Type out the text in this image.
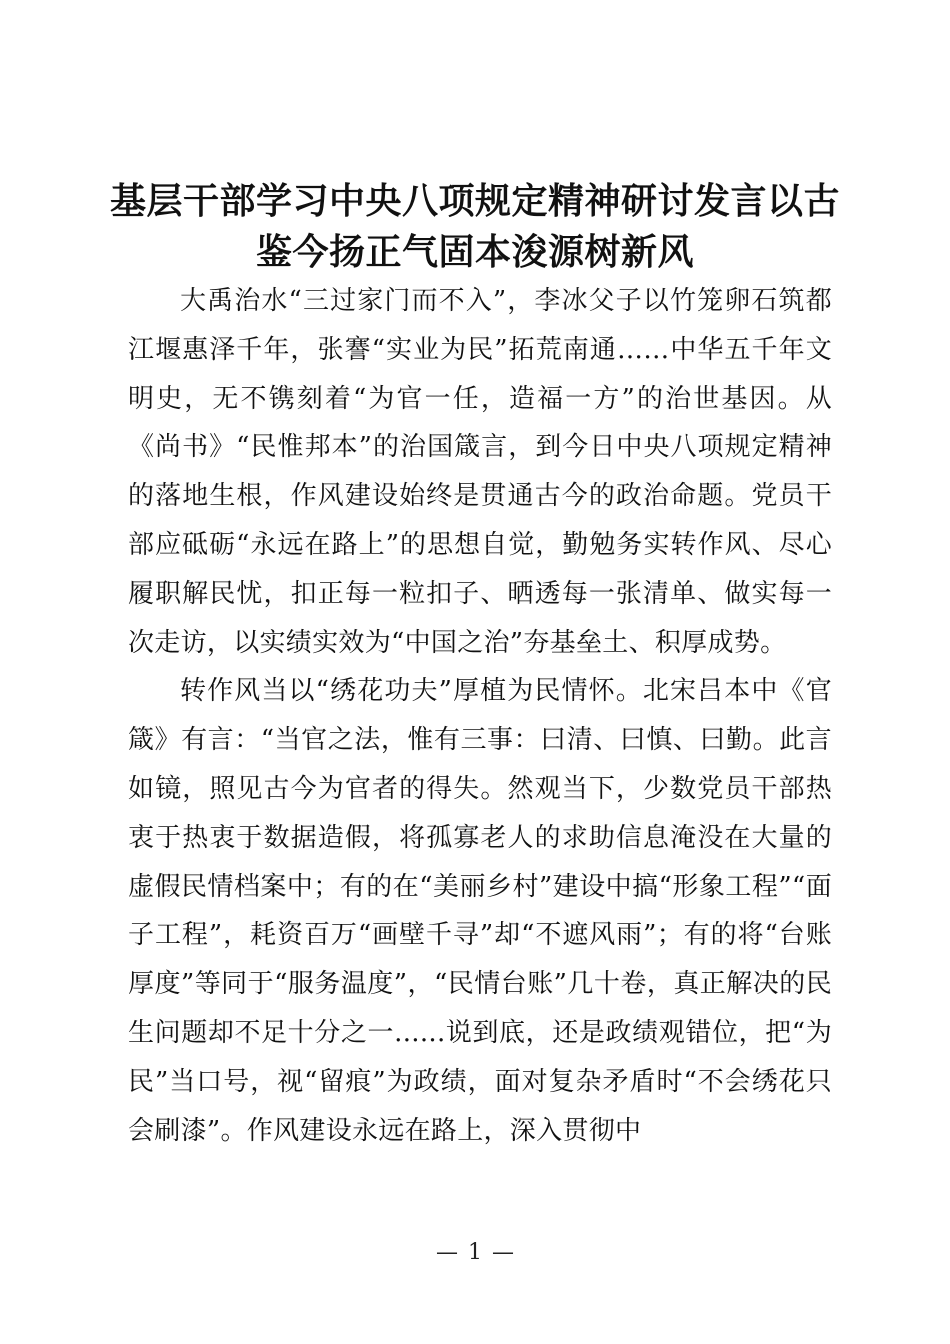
基层干部学习中央八项规定精神研讨发言以古
鉴今扬正气固本浚源树新风

大禹治水“三过家门而不入”，李冰父子以竹笼卵石筑都江堰惠泽千年，张謇“实业为民”拓荒南通……中华五千年文明史，无不镌刻着“为官一任，造福一方”的治世基因。从《尚书》“民惟邦本”的治国箴言，到今日中央八项规定精神的落地生根，作风建设始终是贯通古今的政治命题。党员干部应砥砺“永远在路上”的思想自觉，勤勉务实转作风、尽心履职解民忧，扣正每一粒扣子、晒透每一张清单、做实每一次走访，以实绩实效为“中国之治”夯基垒土、积厚成势。

转作风当以“绣花功夫”厚植为民情怀。北宋吕本中《官箴》有言：“当官之法，惟有三事：曰清、曰慎、曰勤。此言如镜，照见古今为官者的得失。然观当下，少数党员干部热衷于热衷于数据造假，将孤寡老人的求助信息淹没在大量的虚假民情档案中；有的在“美丽乡村”建设中搞“形象工程”“面子工程”，耗资百万“画壁千寻”却“不遮风雨”；有的将“台账厚度”等同于“服务温度”，“民情台账”几十卷，真正解决的民生问题却不足十分之一......说到底，还是政绩观错位，把“为民”当口号，视“留痕”为政绩，面对复杂矛盾时“不会绣花只会刷漆”。作风建设永远在路上，深入贯彻中

— 1 —
